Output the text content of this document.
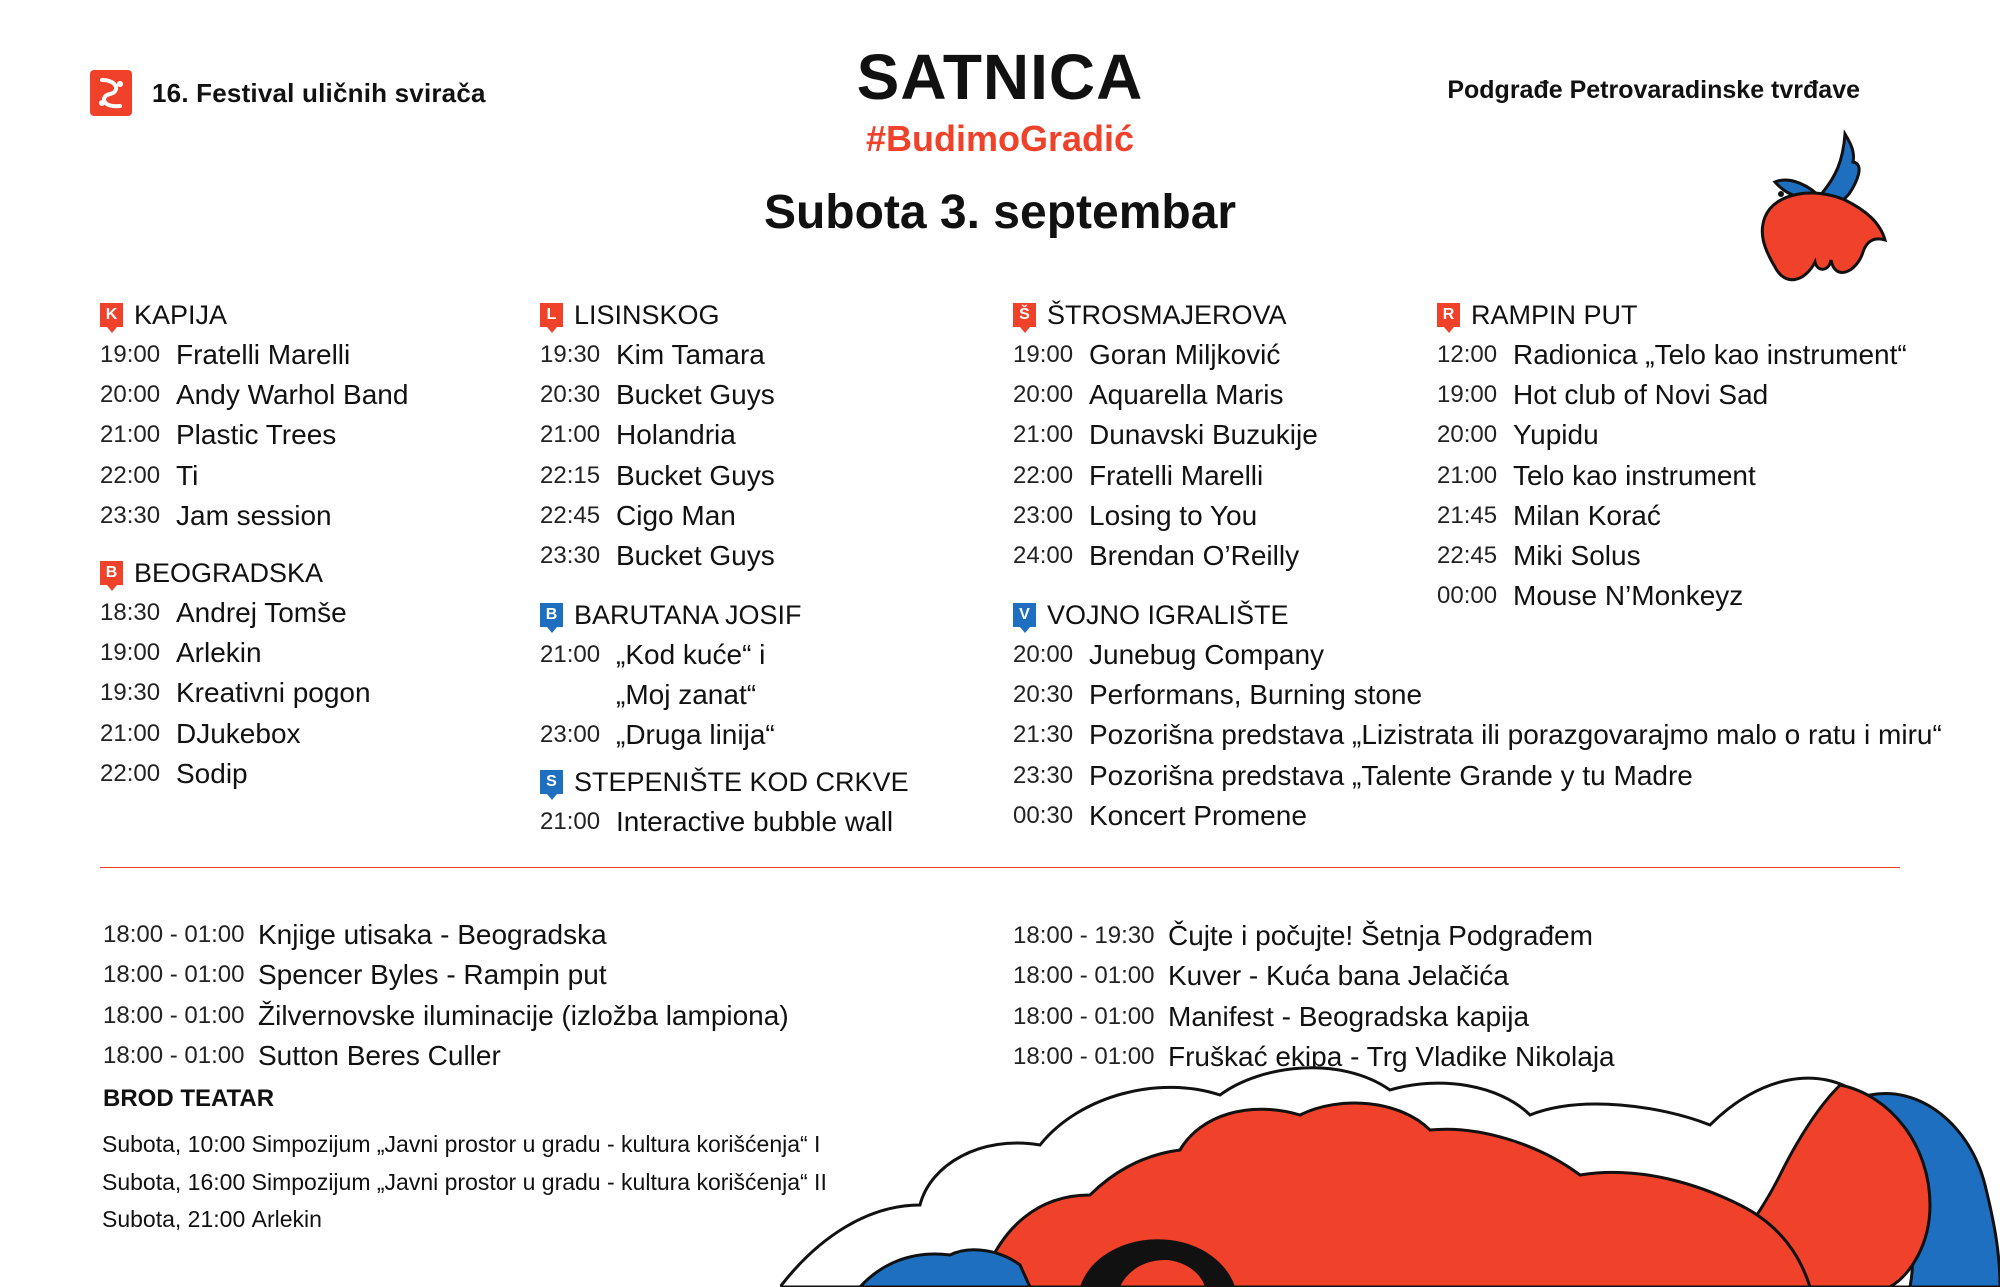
16. Festival uličnih svirača	SATNICA
#BudimoGradić
Subota 3. septembar
Podgrađe Petrovaradinske tvrđave
K KAPIJA
19:00 Fratelli Marelli
20:00 Andy Warhol Band
21:00 Plastic Trees
22:00 Ti
23:30 Jam session
B BEOGRADSKA
18:30 Andrej Tomše
19:00 Arlekin
19:30 Kreativni pogon
21:00 DJukebox
22:00 Sodip
L LISINSKOG
19:30 Kim Tamara
20:30 Bucket Guys
21:00 Holandria
22:15 Bucket Guys
22:45 Cigo Man
23:30 Bucket Guys
B BARUTANA JOSIF
21:00 „Kod kuće“ i
„Moj zanat“
23:00 „Druga linija“
S STEPENIŠTE KOD CRKVE
21:00 Interactive bubble wall
Š ŠTROSMAJEROVA
19:00 Goran Miljković
20:00 Aquarella Maris
21:00 Dunavski Buzukije
22:00 Fratelli Marelli
23:00 Losing to You
24:00 Brendan O’Reilly
V VOJNO IGRALIŠTE
20:00 Junebug Company
20:30 Performans, Burning stone
21:30 Pozorišna predstava „Lizistrata ili porazgovarajmo malo o ratu i miru“
23:30 Pozorišna predstava „Talente Grande y tu Madre
00:30 Koncert Promene
R RAMPIN PUT
12:00 Radionica „Telo kao instrument“
19:00 Hot club of Novi Sad
20:00 Yupidu
21:00 Telo kao instrument
21:45 Milan Korać
22:45 Miki Solus
00:00 Mouse N’Monkeyz
18:00 - 01:00 Knjige utisaka - Beogradska
18:00 - 01:00 Spencer Byles - Rampin put
18:00 - 01:00 Žilvernovske iluminacije (izložba lampiona)
18:00 - 01:00 Sutton Beres Culler
18:00 - 19:30 Čujte i počujte! Šetnja Podgrađem
18:00 - 01:00 Kuver - Kuća bana Jelačića
18:00 - 01:00 Manifest - Beogradska kapija
18:00 - 01:00 Fruškać ekipa - Trg Vladike Nikolaja
BROD TEATAR
Subota, 10:00
Simpozijum „Javni prostor u gradu - kultura korišćenja“ I
Subota, 16:00
Simpozijum „Javni prostor u gradu - kultura korišćenja“ II
Subota, 21:00
Arlekin
